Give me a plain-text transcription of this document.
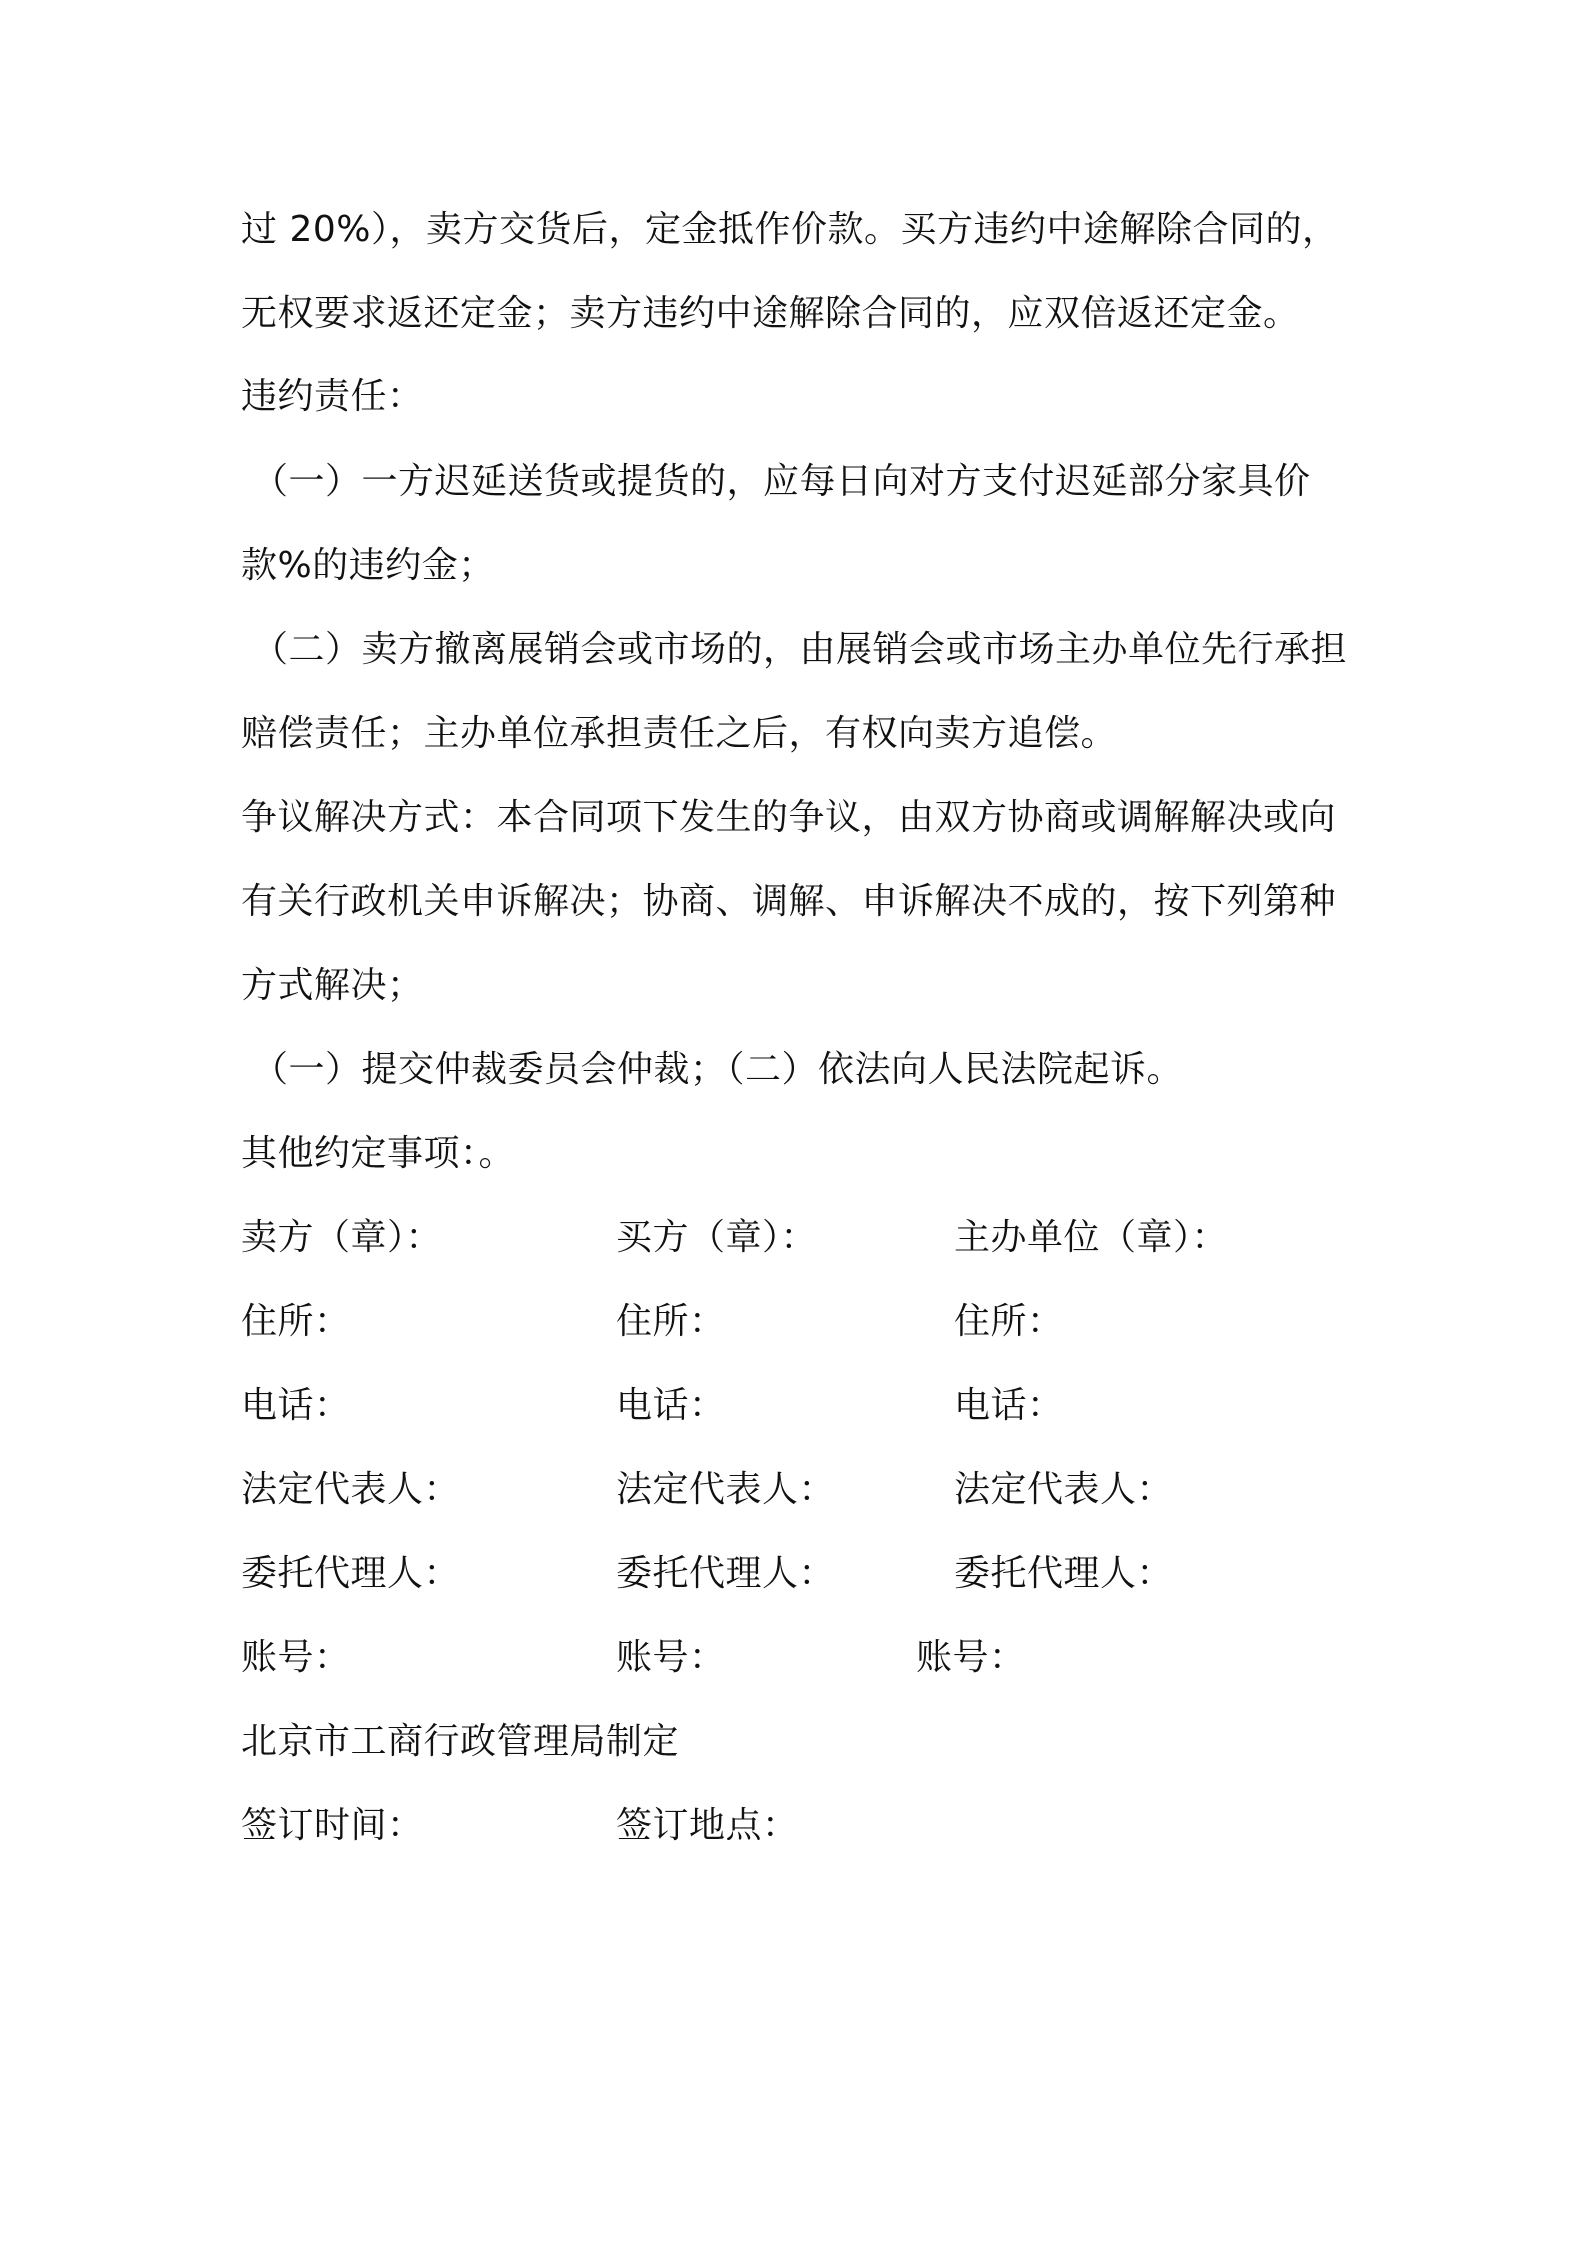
过 20%），卖方交货后，定金抵作价款。买方违约中途解除合同的，
无权要求返还定金；卖方违约中途解除合同的，应双倍返还定金。
违约责任：
（一）一方迟延送货或提货的，应每日向对方支付迟延部分家具价
款%的违约金；
（二）卖方撤离展销会或市场的，由展销会或市场主办单位先行承担
赔偿责任；主办单位承担责任之后，有权向卖方追偿。
争议解决方式：本合同项下发生的争议，由双方协商或调解解决或向
有关行政机关申诉解决；协商、调解、申诉解决不成的，按下列第种
方式解决；
（一）提交仲裁委员会仲裁；（二）依法向人民法院起诉。
其他约定事项：。
卖方（章）：
住所：
电话：
法定代表人：
委托代理人：
账号：
买方（章）：
住所：
电话：
法定代表人：
委托代理人：
账号：
主办单位（章）：
住所：
电话：
法定代表人：
委托代理人：
账号：
北京市工商行政管理局制定
签订时间：	签订地点：
